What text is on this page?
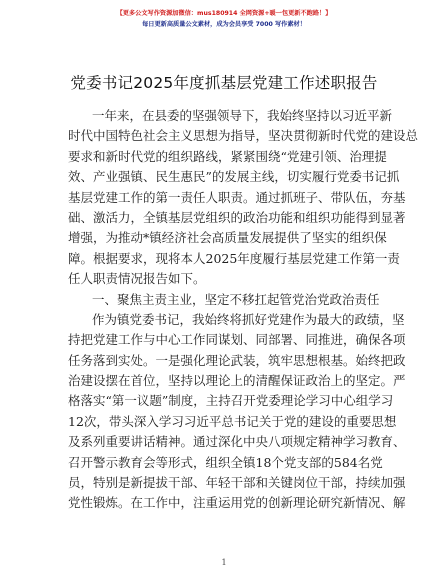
【更多公文写作资源加微信：mus180914 全网资源+暖一包更新不跑路！】
每日更新高质量公文素材，成为会员享受 7000 写作素材！
党委书记2025年度抓基层党建工作述职报告
一年来，在县委的坚强领导下，我始终坚持以习近平新
时代中国特色社会主义思想为指导，坚决贯彻新时代党的建设总
要求和新时代党的组织路线，紧紧围绕“党建引领、治理提
效、产业强镇、民生惠民”的发展主线，切实履行党委书记抓
基层党建工作的第一责任人职责。通过抓班子、带队伍，夯基
础、激活力，全镇基层党组织的政治功能和组织功能得到显著
增强，为推动*镇经济社会高质量发展提供了坚实的组织保
障。根据要求，现将本人2025年度履行基层党建工作第一责
任人职责情况报告如下。
一、聚焦主责主业，坚定不移扛起管党治党政治责任
作为镇党委书记，我始终将抓好党建作为最大的政绩，坚
持把党建工作与中心工作同谋划、同部署、同推进，确保各项
任务落到实处。一是强化理论武装，筑牢思想根基。始终把政
治建设摆在首位，坚持以理论上的清醒保证政治上的坚定。严
格落实“第一议题”制度，主持召开党委理论学习中心组学习
12次，带头深入学习习近平总书记关于党的建设的重要思想
及系列重要讲话精神。通过深化中央八项规定精神学习教育、
召开警示教育会等形式，组织全镇18个党支部的584名党
员，特别是新提拔干部、年轻干部和关键岗位干部，持续加强
党性锻炼。在工作中，注重运用党的创新理论研究新情况、解
1
